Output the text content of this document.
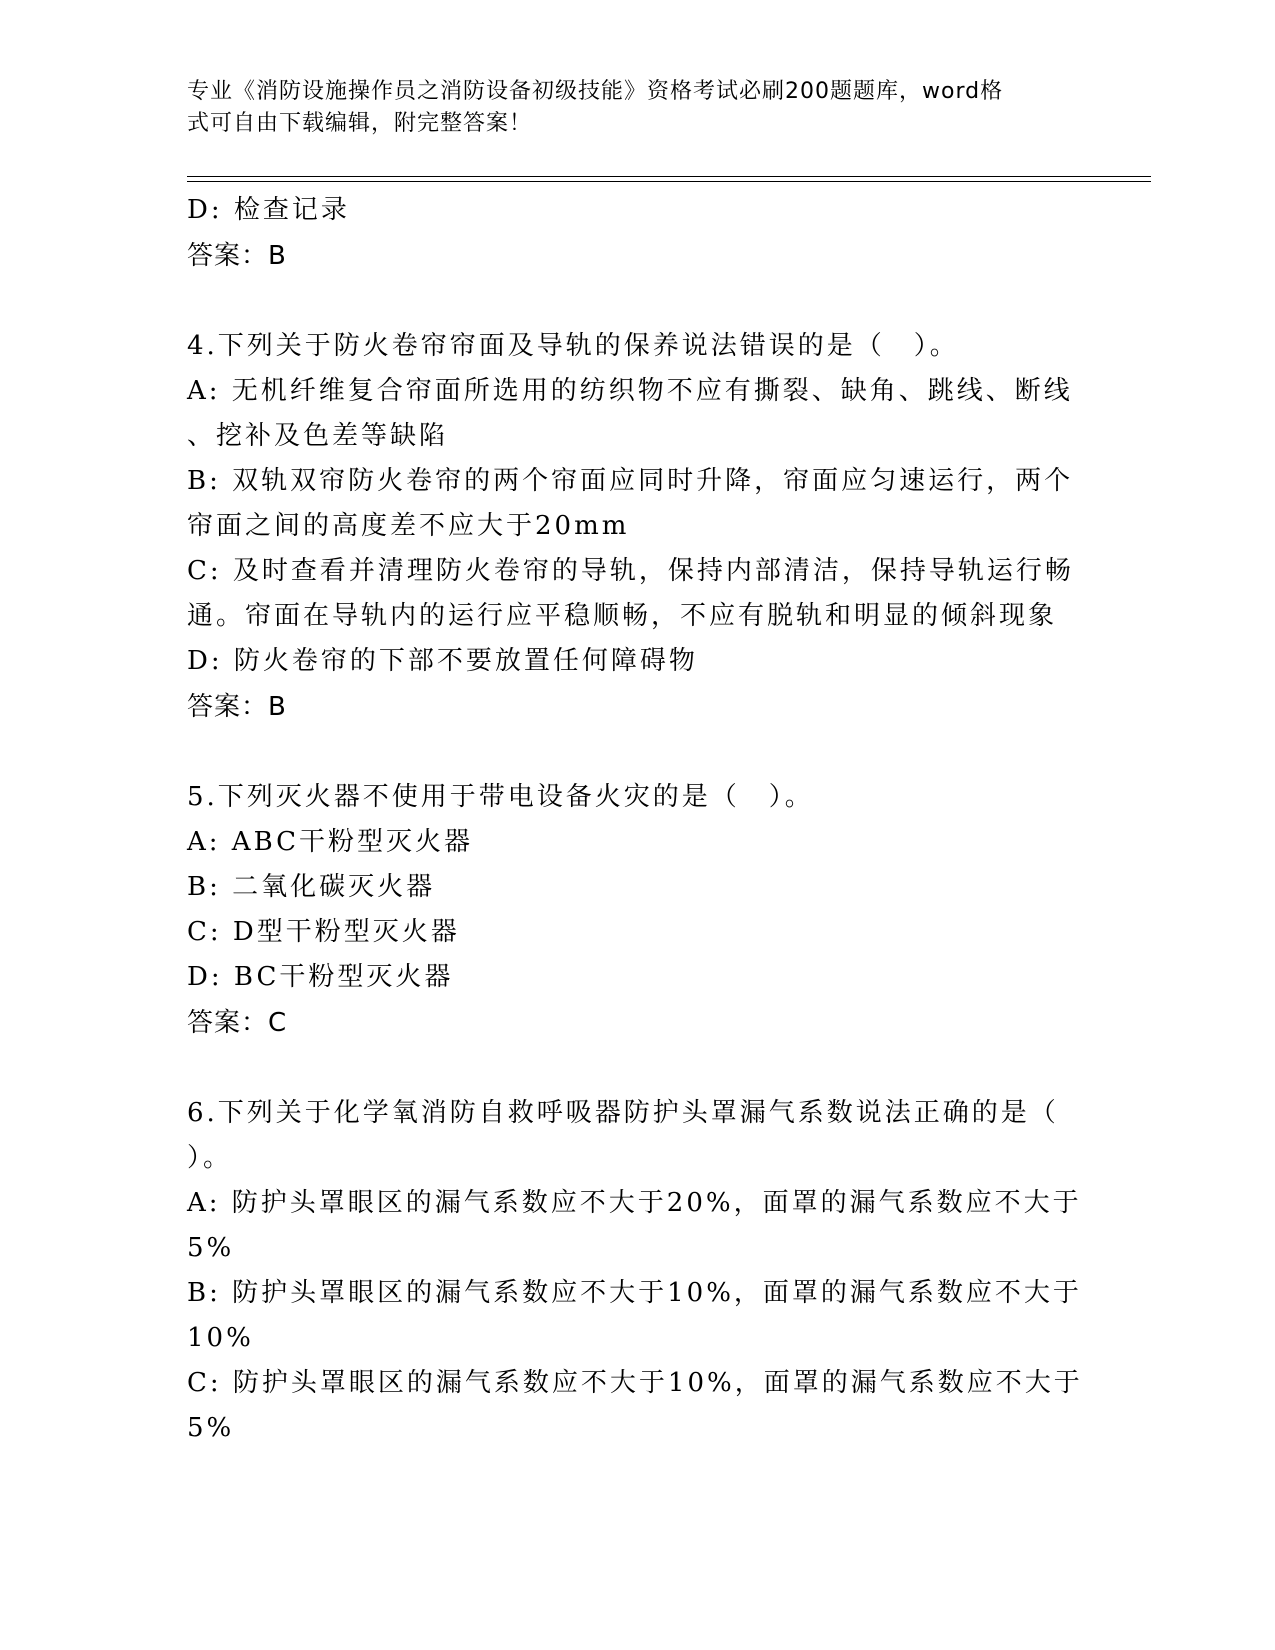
专业《消防设施操作员之消防设备初级技能》资格考试必刷200题题库，word格
式可自由下载编辑，附完整答案！
D: 检查记录
答案：B
4.下列关于防火卷帘帘面及导轨的保养说法错误的是（　）。
A: 无机纤维复合帘面所选用的纺织物不应有撕裂、缺角、跳线、断线
、挖补及色差等缺陷
B: 双轨双帘防火卷帘的两个帘面应同时升降，帘面应匀速运行，两个
帘面之间的高度差不应大于20mm
C: 及时查看并清理防火卷帘的导轨，保持内部清洁，保持导轨运行畅
通。帘面在导轨内的运行应平稳顺畅，不应有脱轨和明显的倾斜现象
D: 防火卷帘的下部不要放置任何障碍物
答案：B
5.下列灭火器不使用于带电设备火灾的是（　）。
A: ABC干粉型灭火器
B: 二氧化碳灭火器
C: D型干粉型灭火器
D: BC干粉型灭火器
答案：C
6.下列关于化学氧消防自救呼吸器防护头罩漏气系数说法正确的是（
）。
A: 防护头罩眼区的漏气系数应不大于20%，面罩的漏气系数应不大于
5%
B: 防护头罩眼区的漏气系数应不大于10%，面罩的漏气系数应不大于
10%
C: 防护头罩眼区的漏气系数应不大于10%，面罩的漏气系数应不大于
5%
